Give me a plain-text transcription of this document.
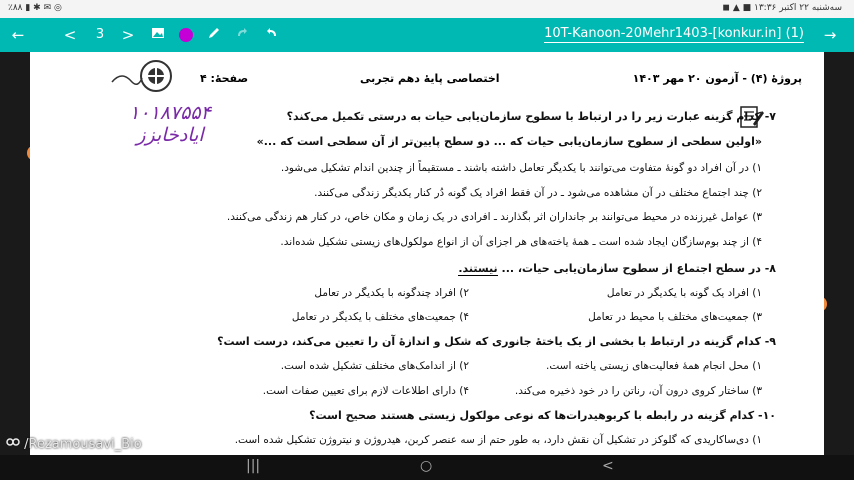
٪۸۸ ▮ ✱ ✉ ◎	سه‌شنبه ۲۲ اکتبر ۱۳:۳۶ ■ ▲ ◼
←	<	3	>	10T-Kanoon-20Mehr1403-[konkur.in] (1) →
پروژهٔ (۴) - آزمون ۲۰ مهر ۱۴۰۳
اختصاصی پایهٔ دهم تجربی
صفحهٔ: ۴
۱۰۱۸۷۵۵۴ ایادخابزز
۷- کدام گزینه عبارت زیر را در ارتباط با سطوح سازمان‌یابی حیات به درستی تکمیل می‌کند؟
«اولین سطحی از سطوح سازمان‌یابی حیات که ... دو سطح پایین‌تر از آن سطحی است که ...»
۱) در آن افراد دو گونهٔ متفاوت می‌توانند با یکدیگر تعامل داشته باشند ـ مستقیماً از چندین اندام تشکیل می‌شود.
۲) چند اجتماع مختلف در آن مشاهده می‌شود ـ در آن فقط افراد یک گونه دُر کنار یکدیگر زندگی می‌کنند.
۳) عوامل غیرزنده در محیط می‌توانند بر جانداران اثر بگذارند ـ افرادی در یک زمان و مکان خاص، در کنار هم زندگی می‌کنند.
۴) از چند بوم‌سازگان ایجاد شده است ـ همهٔ یاخته‌های هر اجزای آن از انواع مولکول‌های زیستی تشکیل شده‌اند.
۸- در سطح اجتماع از سطوح سازمان‌یابی حیات، ... نیستند.
۱) افراد یک گونه با یکدیگر در تعامل
۲) افراد چندگونه با یکدیگر در تعامل
۳) جمعیت‌های مختلف با محیط در تعامل
۴) جمعیت‌های مختلف با یکدیگر در تعامل
۹- کدام گزینه در ارتباط با بخشی از یک یاختهٔ جانوری که شکل و اندازهٔ آن را تعیین می‌کند، درست است؟
۱) محل انجام همهٔ فعالیت‌های زیستی یاخته است.
۲) از اندامک‌های مختلف تشکیل شده است.
۳) ساختار کروی درون آن، رناتن را در خود ذخیره می‌کند.
۴) دارای اطلاعات لازم برای تعیین صفات است.
۱۰- کدام گزینه در رابطه با کربوهیدرات‌ها که نوعی مولکول زیستی هستند صحیح است؟
۱) دی‌ساکاریدی که گلوکز در تشکیل آن نقش دارد، به طور حتم از سه عنصر کربن، هیدروژن و نیتروژن تشکیل شده است.
/Rezamousavi_Bio
|||	○	<
